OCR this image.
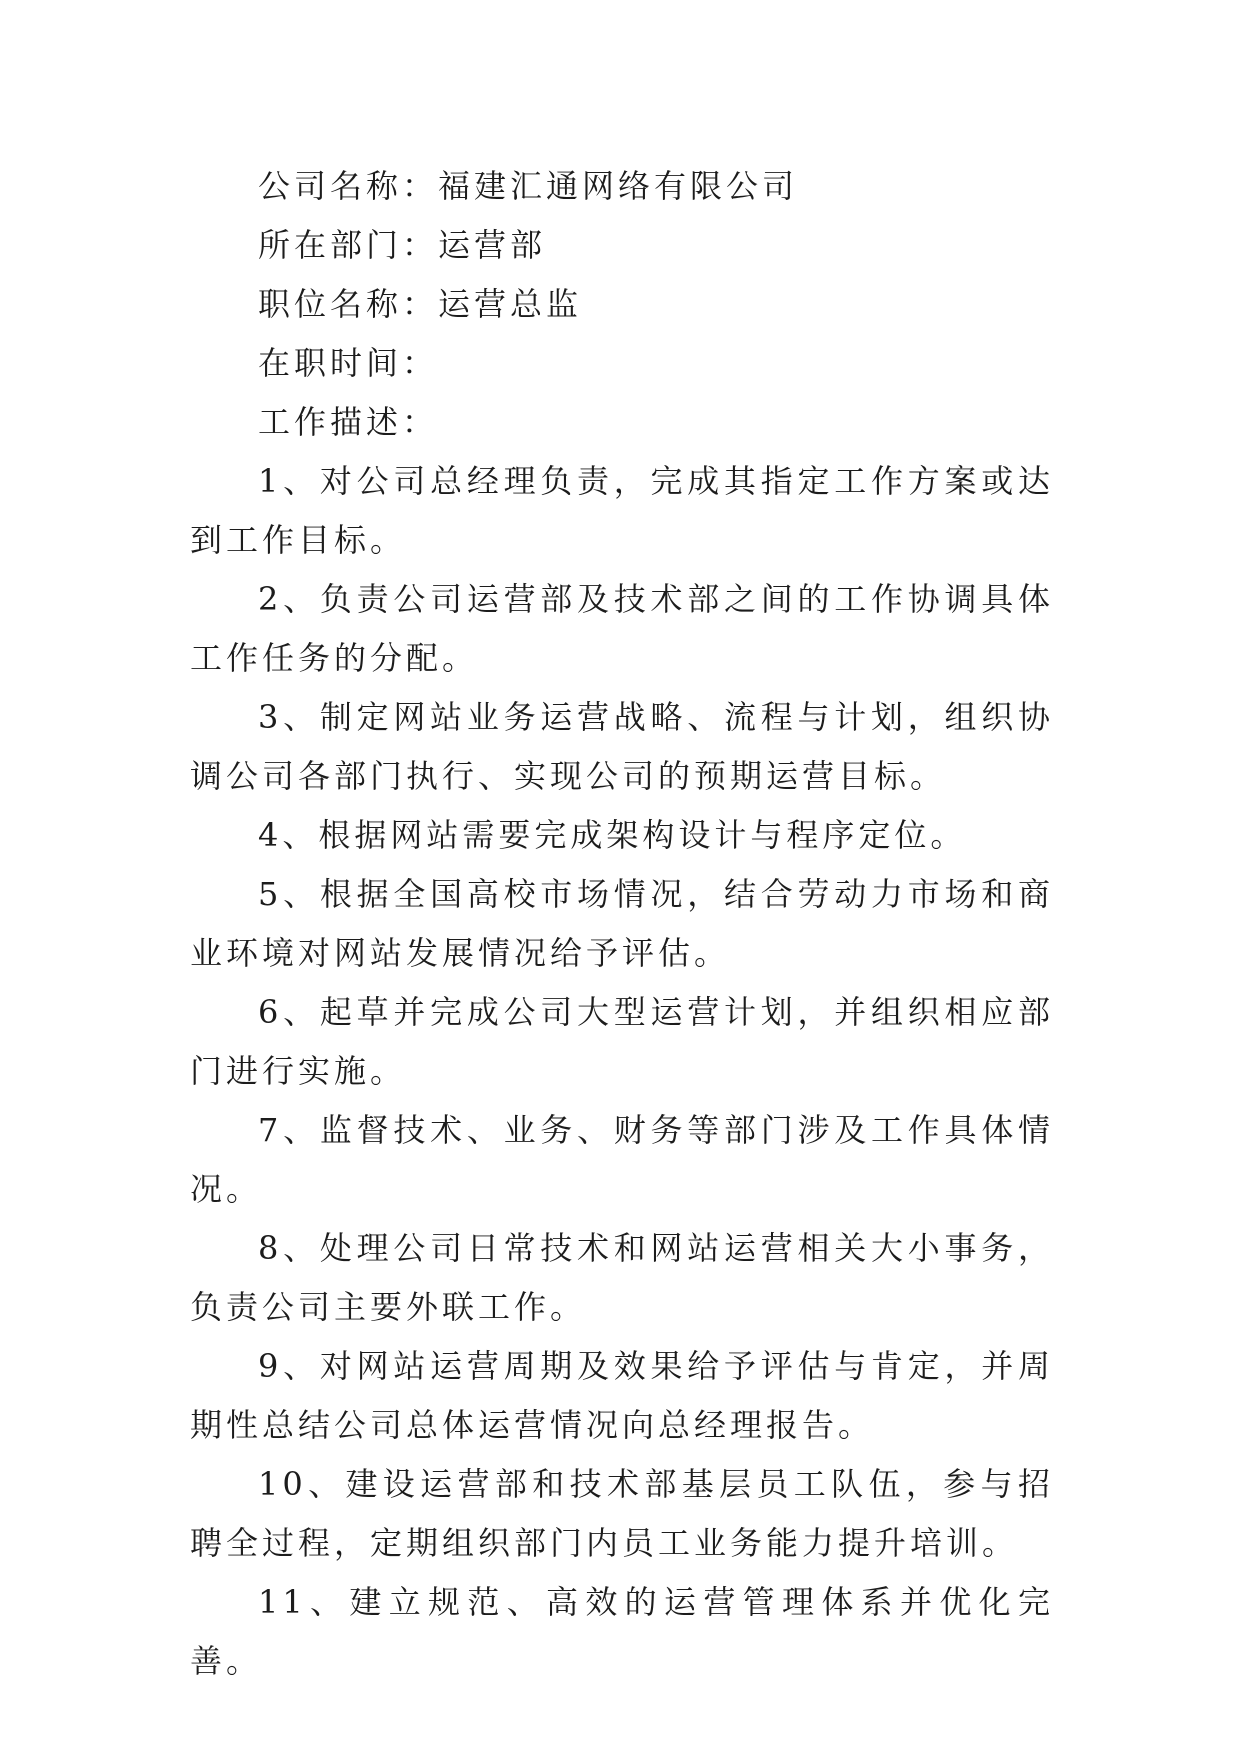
公司名称：福建汇通网络有限公司

所在部门：运营部

职位名称：运营总监

在职时间：

工作描述：

1、对公司总经理负责，完成其指定工作方案或达到工作目标。

2、负责公司运营部及技术部之间的工作协调具体工作任务的分配。

3、制定网站业务运营战略、流程与计划，组织协调公司各部门执行、实现公司的预期运营目标。

4、根据网站需要完成架构设计与程序定位。

5、根据全国高校市场情况，结合劳动力市场和商业环境对网站发展情况给予评估。

6、起草并完成公司大型运营计划，并组织相应部门进行实施。

7、监督技术、业务、财务等部门涉及工作具体情况。

8、处理公司日常技术和网站运营相关大小事务，负责公司主要外联工作。

9、对网站运营周期及效果给予评估与肯定，并周期性总结公司总体运营情况向总经理报告。

10、建设运营部和技术部基层员工队伍，参与招聘全过程，定期组织部门内员工业务能力提升培训。

11、建立规范、高效的运营管理体系并优化完善。
